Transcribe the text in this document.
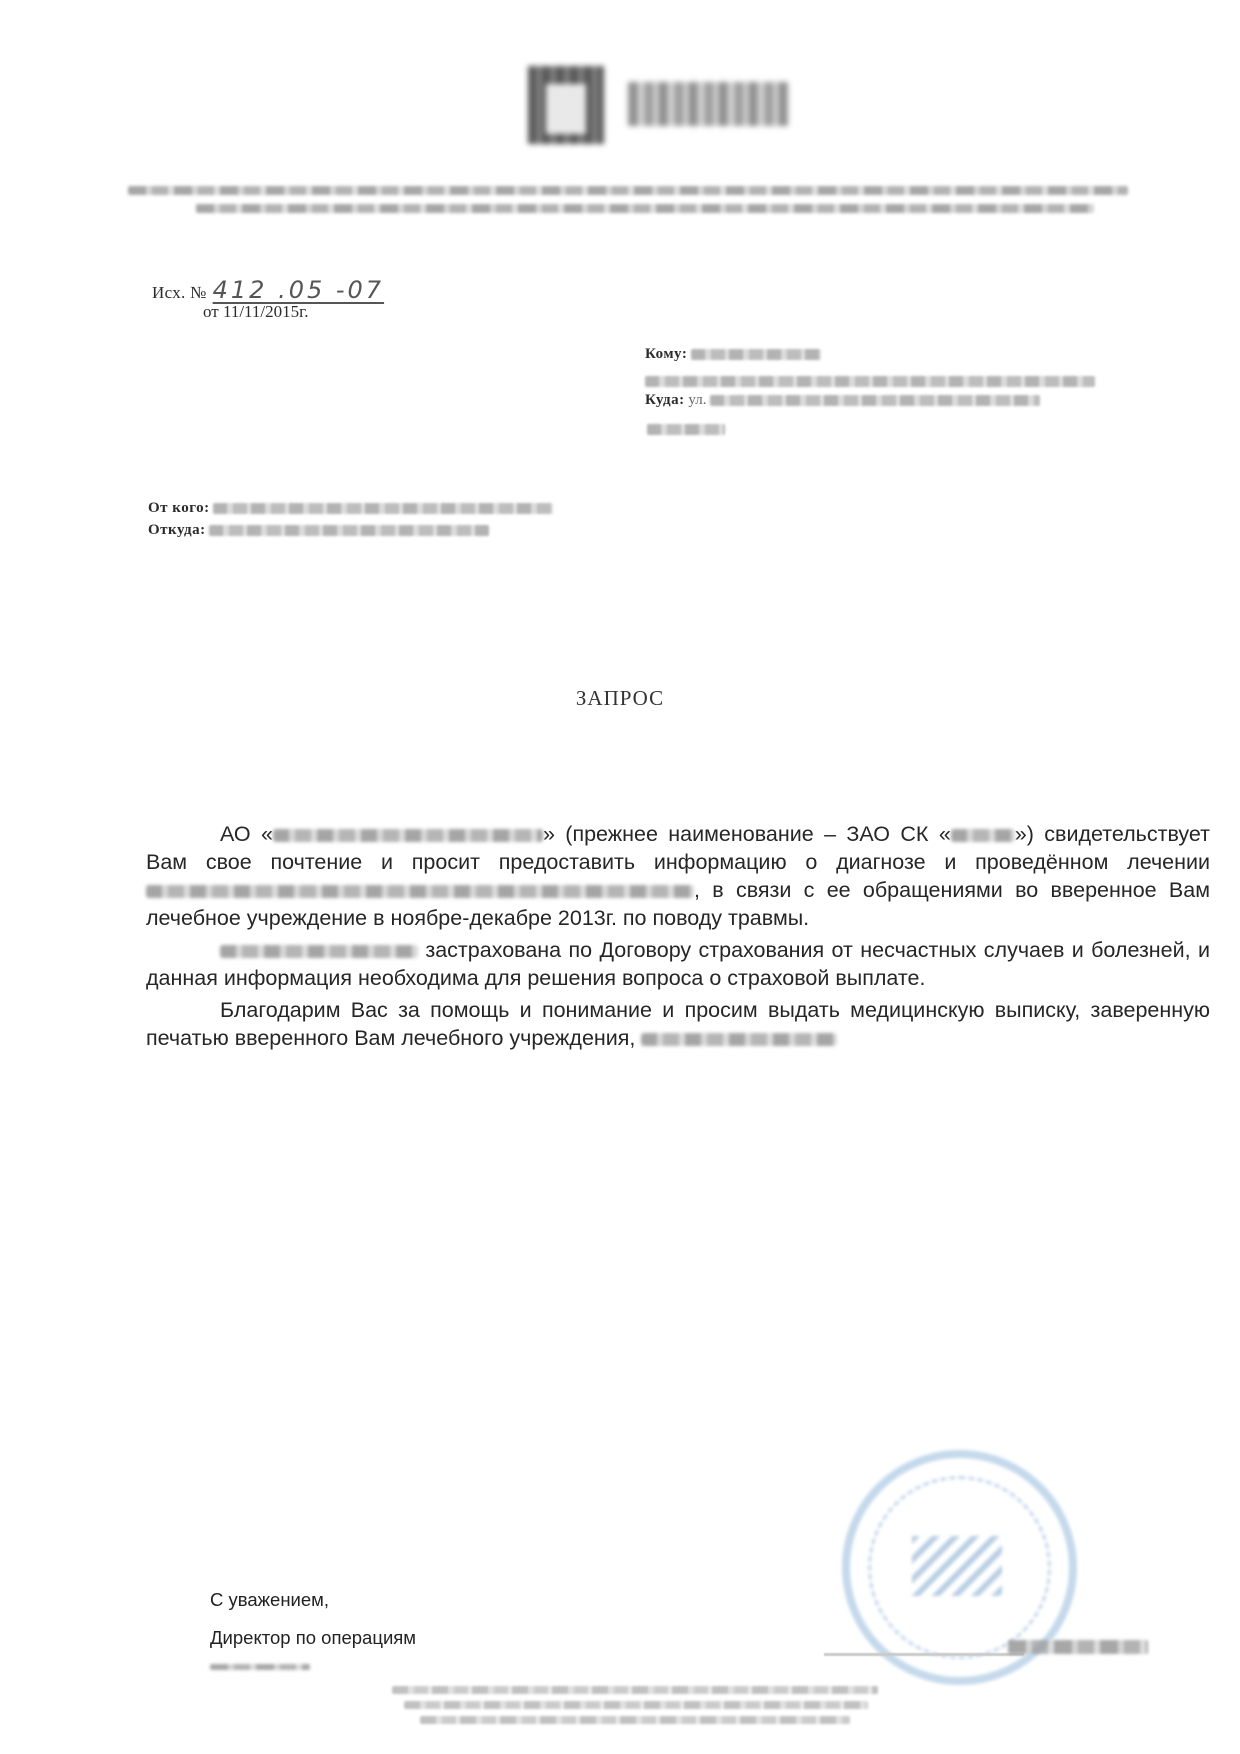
Исх. № 412 .05 -07
от 11/11/2015г.
Кому:
Куда: ул.
От кого:
Откуда:
ЗАПРОС

АО «	» (прежнее наименование – ЗАО СК «	») свидетельствует Вам свое почтение и просит предоставить информацию о диагнозе и проведённом лечении , в связи с ее обращениями во вверенное Вам лечебное учреждение в ноябре-декабре 2013г. по поводу травмы.

застрахована по Договору страхования от несчастных случаев и болезней, и данная информация необходима для решения вопроса о страховой выплате.

Благодарим Вас за помощь и понимание и просим выдать медицинскую выписку, заверенную печатью вверенного Вам лечебного учреждения,

С уважением,
Директор по операциям
